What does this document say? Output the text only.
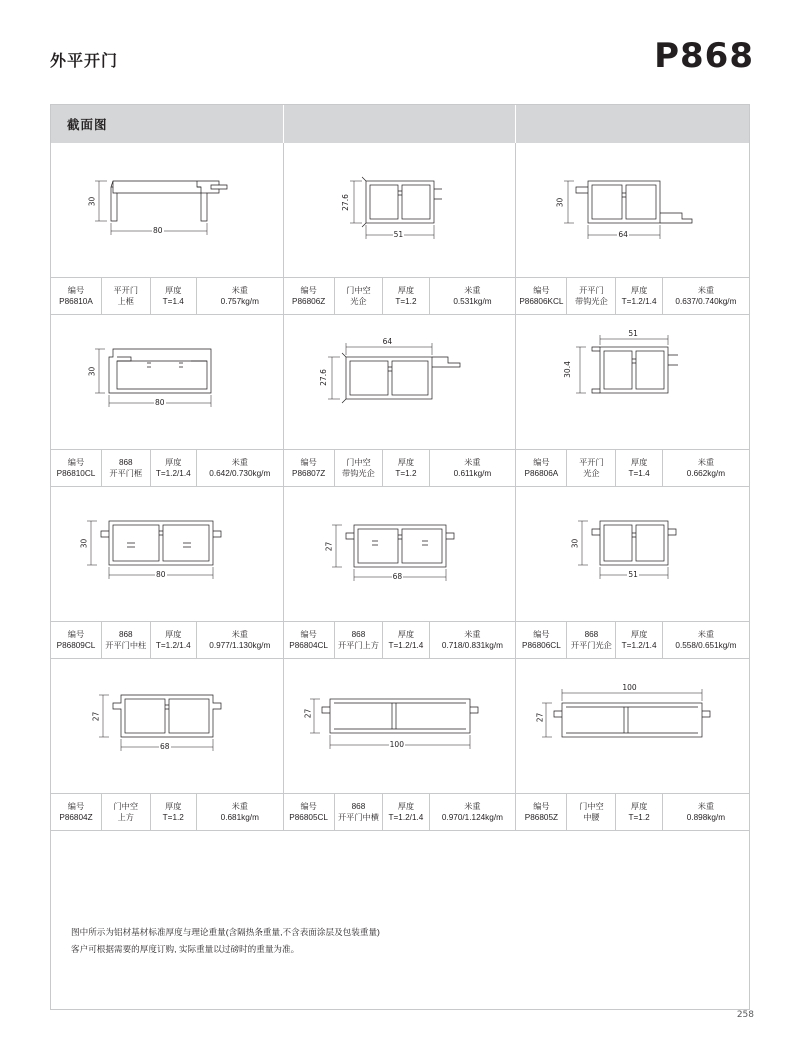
外平开门	P868
截面图
80
30
51
27.6
64
30
编号
P86810A
平开门
上框
厚度
T=1.4
米重
0.757kg/m
编号
P86806Z
门中空
光企
厚度
T=1.2
米重
0.531kg/m
编号
P86806KCL
开平门
带钩光企
厚度
T=1.2/1.4
米重
0.637/0.740kg/m
80
30
64
27.6
51
30.4
编号
P86810CL
868
开平门框
厚度
T=1.2/1.4
米重
0.642/0.730kg/m
编号
P86807Z
门中空
带钩光企
厚度
T=1.2
米重
0.611kg/m
编号
P86806A
平开门
光企
厚度
T=1.4
米重
0.662kg/m
80
30
68
27
51
30
编号
P86809CL
868
开平门中柱
厚度
T=1.2/1.4
米重
0.977/1.130kg/m
编号
P86804CL
868
开平门上方
厚度
T=1.2/1.4
米重
0.718/0.831kg/m
编号
P86806CL
868
开平门光企
厚度
T=1.2/1.4
米重
0.558/0.651kg/m
68
27
100
27
100
27
编号
P86804Z
门中空
上方
厚度
T=1.2
米重
0.681kg/m
编号
P86805CL
868
开平门中横
厚度
T=1.2/1.4
米重
0.970/1.124kg/m
编号
P86805Z
门中空
中腰
厚度
T=1.2
米重
0.898kg/m
图中所示为铝材基材标准厚度与理论重量(含隔热条重量,不含表面涂层及包装重量)
客户可根据需要的厚度订购, 实际重量以过磅时的重量为准。
258
